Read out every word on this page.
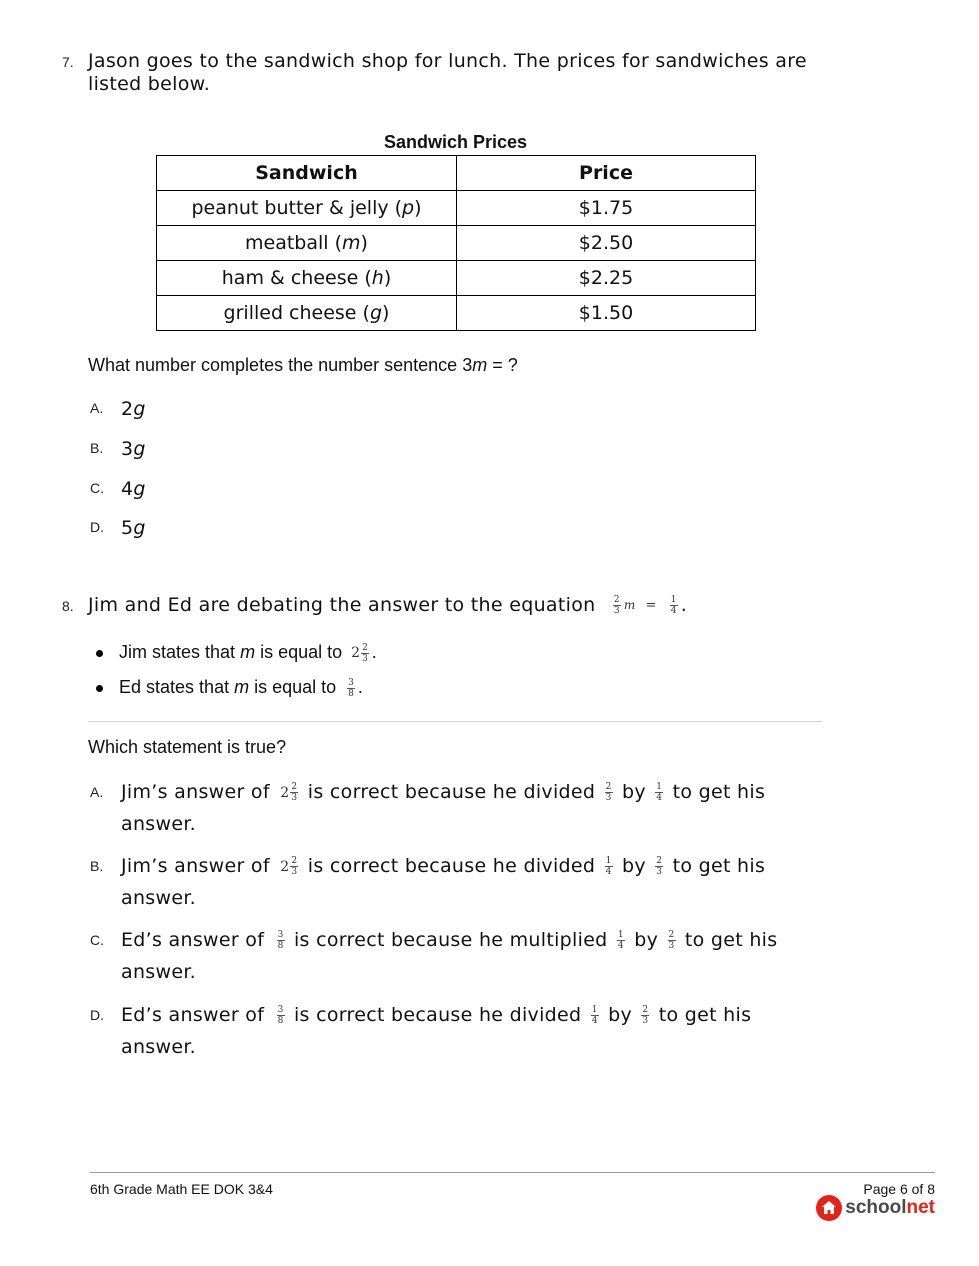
7. Jason goes to the sandwich shop for lunch. The prices for sandwiches are
listed below.
Sandwich Prices
Sandwich	Price
peanut butter & jelly (p)	$1.75
meatball (m)	$2.50
ham & cheese (h)	$2.25
grilled cheese (g)	$1.50
What number completes the number sentence 3m = ?
A. 2g
B. 3g
C. 4g
D. 5g
8. Jim and Ed are debating the answer to the equation $\frac{2}{3}$ $m = \frac{1}{4}$ .
Jim states that m is equal to $2 \frac{2}{3}$ .
Ed states that m is equal to $\frac{3}{8}$ .
Which statement is true?
A. Jim’s answer of $2 \frac{2}{3}$ is correct because he divided $\frac{2}{3}$ by $\frac{1}{4}$ to get his
answer.
B. Jim’s answer of $2 \frac{2}{3}$ is correct because he divided $\frac{1}{4}$ by $\frac{2}{3}$ to get his
answer.
C. Ed’s answer of $\frac{3}{8}$ is correct because he multiplied $\frac{1}{4}$ by $\frac{2}{3}$ to get his
answer.
D. Ed’s answer of $\frac{3}{8}$ is correct because he divided $\frac{1}{4}$ by $\frac{2}{3}$ to get his
answer.
6th Grade Math EE DOK 3&4	Page 6 of 8
schoolnet
